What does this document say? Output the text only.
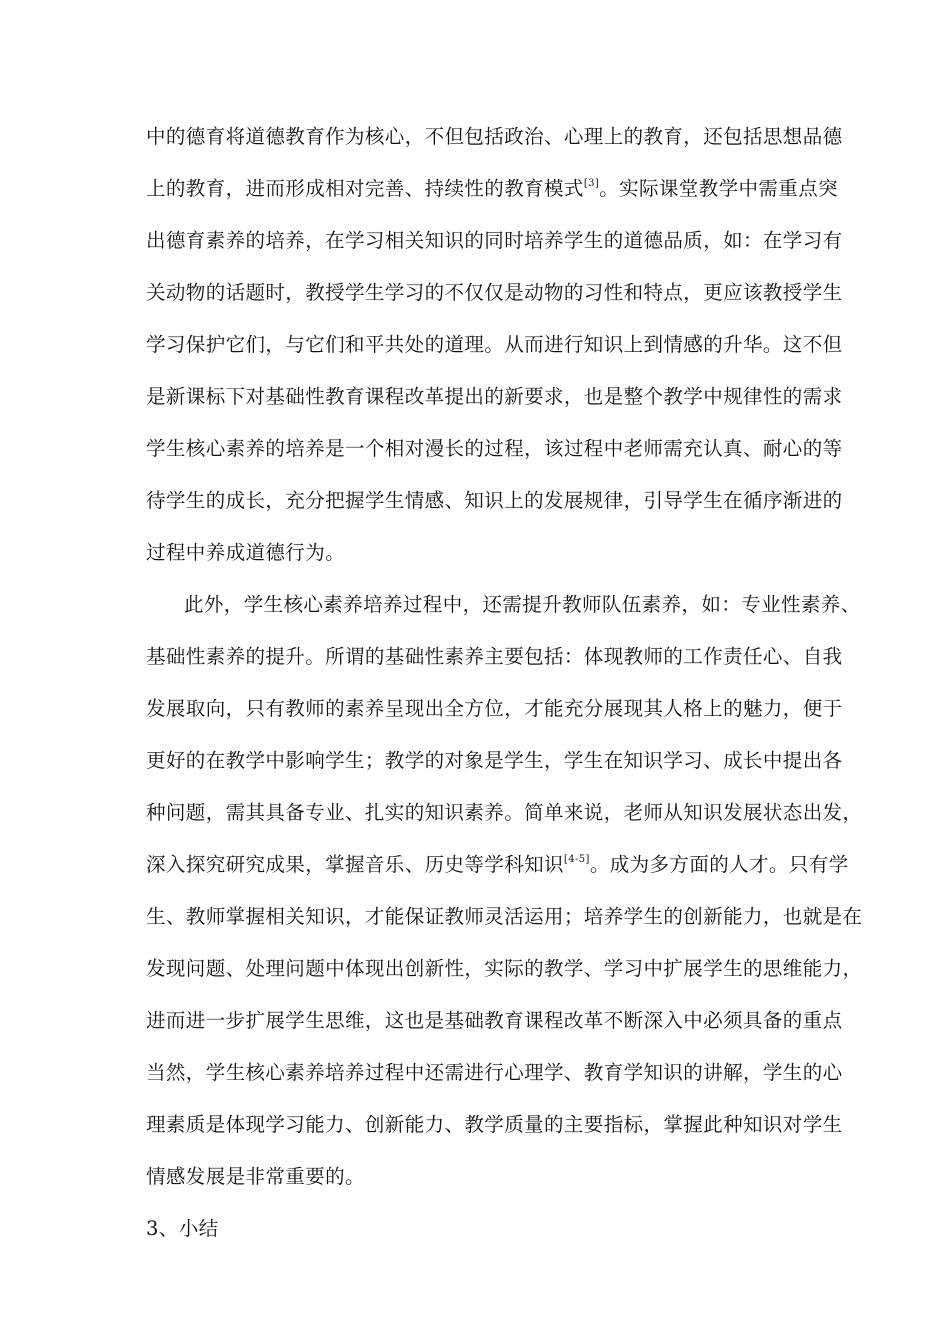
中的德育将道德教育作为核心，不但包括政治、心理上的教育，还包括思想品德
上的教育，进而形成相对完善、持续性的教育模式[3]。实际课堂教学中需重点突
出德育素养的培养，在学习相关知识的同时培养学生的道德品质，如：在学习有
关动物的话题时，教授学生学习的不仅仅是动物的习性和特点，更应该教授学生
学习保护它们，与它们和平共处的道理。从而进行知识上到情感的升华。这不但
是新课标下对基础性教育课程改革提出的新要求，也是整个教学中规律性的需求
学生核心素养的培养是一个相对漫长的过程，该过程中老师需充认真、耐心的等
待学生的成长，充分把握学生情感、知识上的发展规律，引导学生在循序渐进的
过程中养成道德行为。
此外，学生核心素养培养过程中，还需提升教师队伍素养，如：专业性素养、
基础性素养的提升。所谓的基础性素养主要包括：体现教师的工作责任心、自我
发展取向，只有教师的素养呈现出全方位，才能充分展现其人格上的魅力，便于
更好的在教学中影响学生；教学的对象是学生，学生在知识学习、成长中提出各
种问题，需其具备专业、扎实的知识素养。简单来说，老师从知识发展状态出发，
深入探究研究成果，掌握音乐、历史等学科知识[4-5]。成为多方面的人才。只有学
生、教师掌握相关知识，才能保证教师灵活运用；培养学生的创新能力，也就是在
发现问题、处理问题中体现出创新性，实际的教学、学习中扩展学生的思维能力，
进而进一步扩展学生思维，这也是基础教育课程改革不断深入中必须具备的重点
当然，学生核心素养培养过程中还需进行心理学、教育学知识的讲解，学生的心
理素质是体现学习能力、创新能力、教学质量的主要指标，掌握此种知识对学生
情感发展是非常重要的。
3、小结
